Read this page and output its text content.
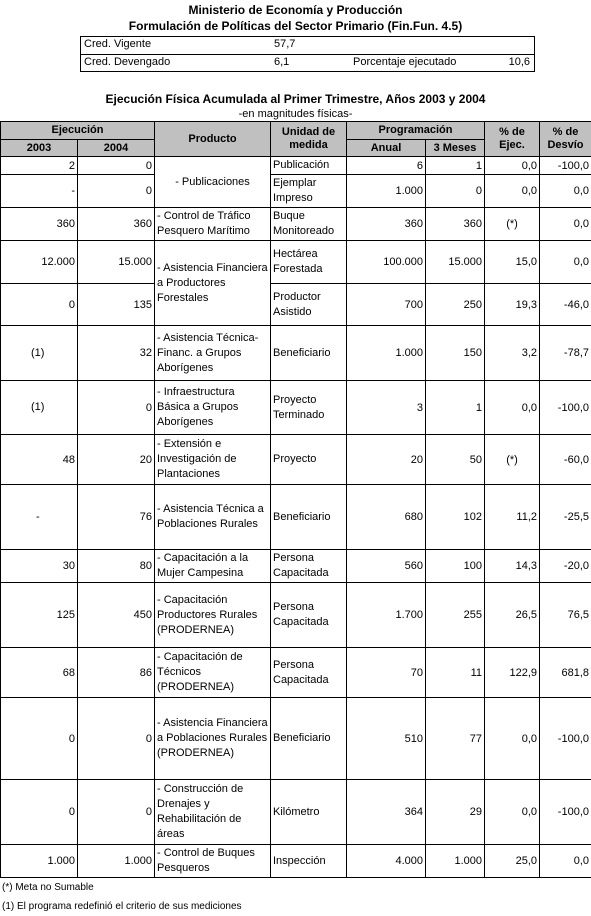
Ministerio de Economía y Producción
Formulación de Políticas del Sector Primario (Fin.Fun. 4.5)
Cred. Vigente	57,7
Cred. Devengado	6,1	Porcentaje ejecutado	10,6
Ejecución Física Acumulada al Primer Trimestre, Años 2003 y 2004
-en magnitudes físicas-
Ejecución		Producto	Unidad de medida	Programación		% de Ejec.	% de Desvío
2003	2004			Anual	3 Meses		
2	0	- Publicaciones	Publicación	6	1	0,0	-100,0
-	0		Ejemplar Impreso	1.000	0	0,0	0,0
360	360	- Control de Tráfico Pesquero Marítimo	Buque Monitoreado	360	360	(*)	0,0
12.000	15.000	- Asistencia Financiera a Productores Forestales	Hectárea Forestada	100.000	15.000	15,0	0,0
0	135		Productor Asistido	700	250	19,3	-46,0
(1)	32	- Asistencia Técnica-Financ. a Grupos Aborígenes	Beneficiario	1.000	150	3,2	-78,7
(1)	0	- Infraestructura Básica a Grupos Aborígenes	Proyecto Terminado	3	1	0,0	-100,0
48	20	- Extensión e Investigación de Plantaciones	Proyecto	20	50	(*)	-60,0
-	76	- Asistencia Técnica a Poblaciones Rurales	Beneficiario	680	102	11,2	-25,5
30	80	- Capacitación a la Mujer Campesina	Persona Capacitada	560	100	14,3	-20,0
125	450	- Capacitación Productores Rurales (PRODERNEA)	Persona Capacitada	1.700	255	26,5	76,5
68	86	- Capacitación de Técnicos (PRODERNEA)	Persona Capacitada	70	11	122,9	681,8
0	0	- Asistencia Financiera a Poblaciones Rurales (PRODERNEA)	Beneficiario	510	77	0,0	-100,0
0	0	- Construcción de Drenajes y Rehabilitación de áreas	Kilómetro	364	29	0,0	-100,0
1.000	1.000	- Control de Buques Pesqueros	Inspección	4.000	1.000	25,0	0,0
(*) Meta no Sumable
(1) El programa redefinió el criterio de sus mediciones
